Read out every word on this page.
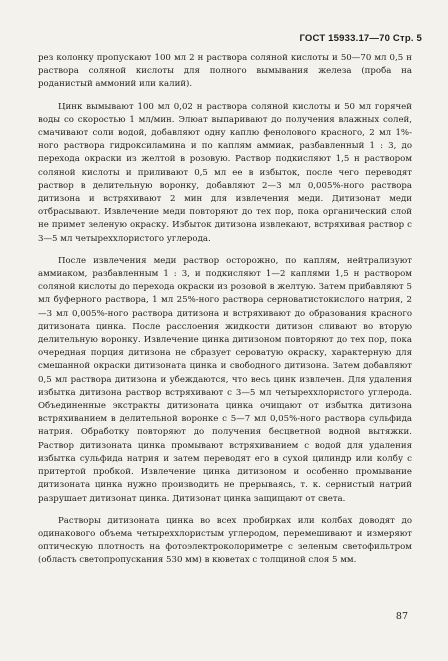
ГОСТ 15933.17—70 Стр. 5

рез колонку пропускают 100 мл 2 н раствора соляной кислоты и 50—70 мл 0,5 н раствора соляной кислоты для полного вымывания железа (проба на роданистый аммоний или калий).

Цинк вымывают 100 мл 0,02 н раствора соляной кислоты и 50 мл горячей воды со скоростью 1 мл/мин. Элюат выпаривают до получения влажных солей, смачивают соли водой, добавляют одну каплю фенолового красного, 2 мл 1%-ного раствора гидроксиламина и по каплям аммиак, разбавленный 1 : 3, до перехода окраски из желтой в розовую. Раствор подкисляют 1,5 н раствором соляной кислоты и приливают 0,5 мл ее в избыток, после чего переводят раствор в делительную воронку, добавляют 2—3 мл 0,005%-ного раствора дитизона и встряхивают 2 мин для извлечения меди. Дитизонат меди отбрасывают. Извлечение меди повторяют до тех пор, пока органический слой не примет зеленую окраску. Избыток дитизона извлекают, встряхивая раствор с 3—5 мл четыреххлористого углерода.

После извлечения меди раствор осторожно, по каплям, нейтрализуют аммиаком, разбавленным 1 : 3, и подкисляют 1—2 каплями 1,5 н раствором соляной кислоты до перехода окраски из розовой в желтую. Затем прибавляют 5 мл буферного раствора, 1 мл 25%-ного раствора серноватистокислого натрия, 2—3 мл 0,005%-ного раствора дитизона и встряхивают до образования красного дитизоната цинка. После расслоения жидкости дитизон сливают во вторую делительную воронку. Извлечение цинка дитизоном повторяют до тех пор, пока очередная порция дитизона не сбразует сероватую окраску, характерную для смешанной окраски дитизоната цинка и свободного дитизона. Затем добавляют 0,5 мл раствора дитизона и убеждаются, что весь цинк извлечен. Для удаления избытка дитизона раствор встряхивают с 3—5 мл четыреххлористого углерода. Объединенные экстракты дитизоната цинка очищают от избытка дитизона встряхиванием в делительной воронке с 5—7 мл 0,05%-ного раствора сульфида натрия. Обработку повторяют до получения бесцветной водной вытяжки. Раствор дитизоната цинка промывают встряхиванием с водой для удаления избытка сульфида натрия и затем переводят его в сухой цилиндр или колбу с притертой пробкой. Извлечение цинка дитизоном и особенно промывание дитизоната цинка нужно производить не прерываясь, т. к. сернистый натрий разрушает дитизонат цинка. Дитизонат цинка защищают от света.

Растворы дитизоната цинка во всех пробирках или колбах доводят до одинакового объема четыреххлористым углеродом, перемешивают и измеряют оптическую плотность на фотоэлектроколориметре с зеленым светофильтром (область светопропускания 530 мм) в кюветах с толщиной слоя 5 мм.

87
